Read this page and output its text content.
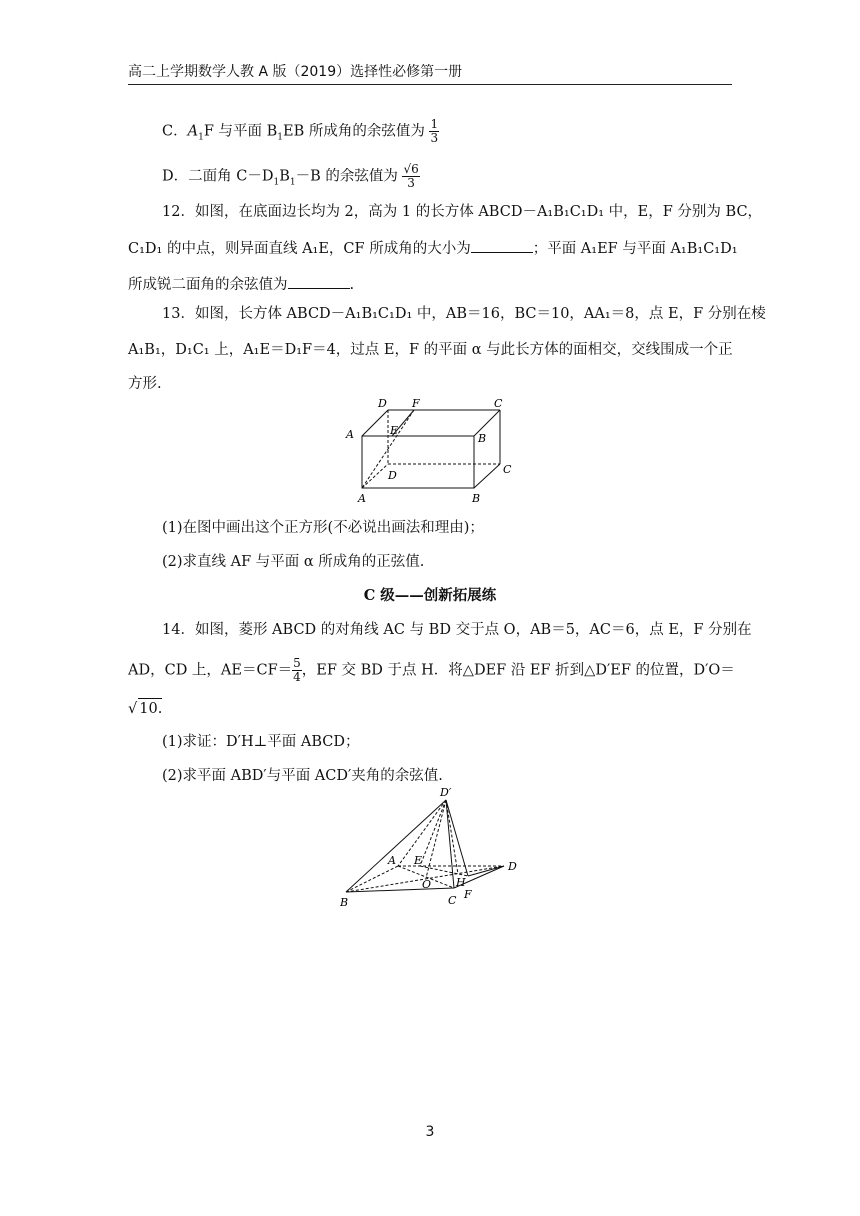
高二上学期数学人教 A 版（2019）选择性必修第一册
C．$A_1F$ 与平面 $B_1EB$ 所成角的余弦值为 $\frac{1}{3}$
D．二面角 $C-D_1B_1-B$ 的余弦值为 $\frac{√6}{3}$
12．如图，在底面边长均为 2，高为 1 的长方体 ABCD－A₁B₁C₁D₁ 中，E，F 分别为 BC，
C₁D₁ 的中点，则异面直线 A₁E，CF 所成角的大小为	；平面 A₁EF 与平面 A₁B₁C₁D₁
所成锐二面角的余弦值为	.
13．如图，长方体 ABCD－A₁B₁C₁D₁ 中，AB＝16，BC＝10，AA₁＝8，点 E，F 分别在棱
A₁B₁，D₁C₁ 上，A₁E＝D₁F＝4，过点 E，F 的平面 α 与此长方体的面相交，交线围成一个正
方形.
D F	C
A	E
B
D	C
A	B
(1)在图中画出这个正方形(不必说出画法和理由)；
(2)求直线 AF 与平面 α 所成角的正弦值.
C 级——创新拓展练
14．如图，菱形 ABCD 的对角线 AC 与 BD 交于点 O，AB＝5，AC＝6，点 E，F 分别在
AD，CD 上，$AE=CF= \frac{5}{4}$ ，EF 交 BD 于点 H．将△DEF 沿 EF 折到△D′EF 的位置，D′O＝
√ 10.
(1)求证：D′H⊥平面 ABCD；
(2)求平面 ABD′与平面 ACD′夹角的余弦值.
D′
A E	D
O H
B	C F
3
